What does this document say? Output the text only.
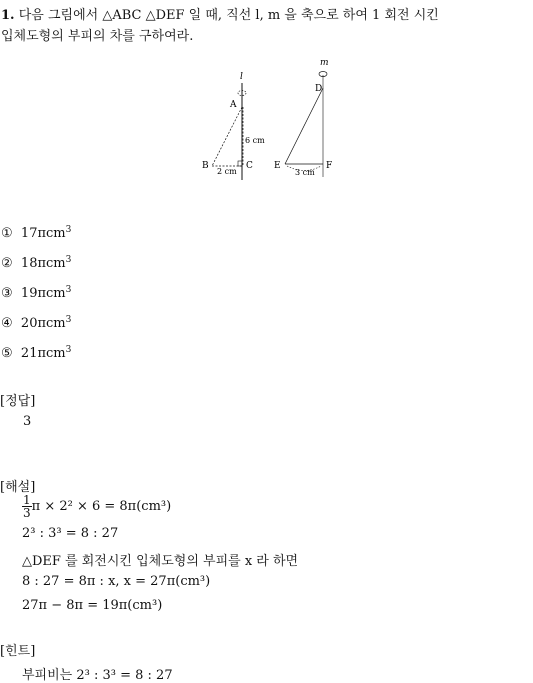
1. 다음 그림에서 △ABC △DEF 일 때, 직선 l, m 을 축으로 하여 1 회전 시킨
입체도형의 부피의 차를 구하여라.
l
A
B	C
6 cm
2 cm
m
D
E	F
3 cm
① 17πcm$^3$
② 18πcm$^3$
③ 19πcm$^3$
④ 20πcm$^3$
⑤ 21πcm$^3$
[정답]
3
[해설]
$\frac{1}{3}$ π × 2² × 6 = 8π(cm³)
2³ : 3³ = 8 : 27
△DEF 를 회전시킨 입체도형의 부피를 x 라 하면
8 : 27 = 8π : x, x = 27π(cm³)
27π − 8π = 19π(cm³)
[힌트]
부피비는 2³ : 3³ = 8 : 27
